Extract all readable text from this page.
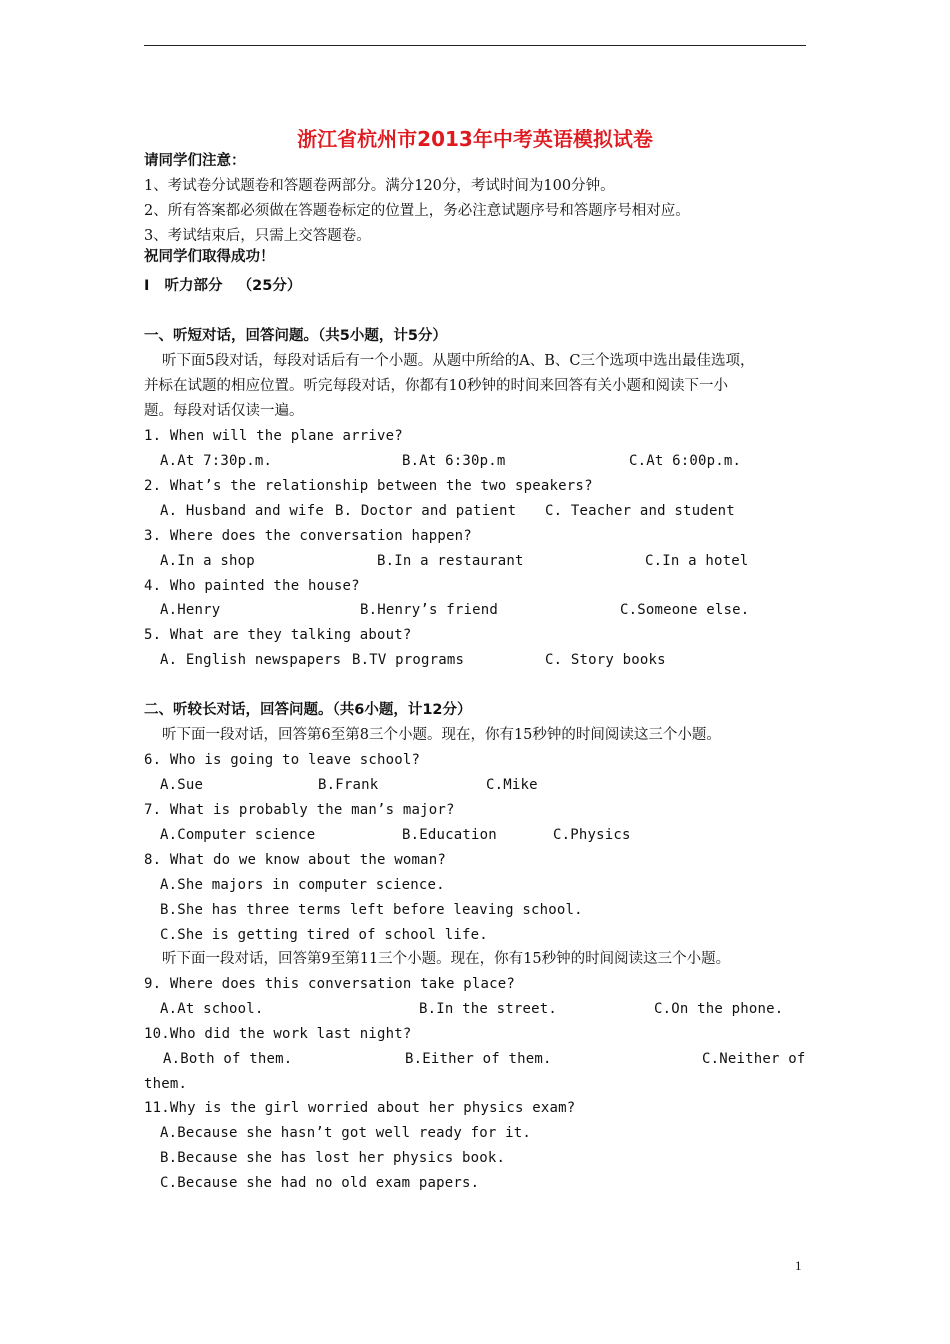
浙江省杭州市2013年中考英语模拟试卷
请同学们注意：
1、考试卷分试题卷和答题卷两部分。满分120分，考试时间为100分钟。
2、所有答案都必须做在答题卷标定的位置上，务必注意试题序号和答题序号相对应。
3、考试结束后，只需上交答题卷。
祝同学们取得成功！
Ⅰ   听力部分   （25分）
一、听短对话，回答问题。（共5小题，计5分）
听下面5段对话，每段对话后有一个小题。从题中所给的A、B、C三个选项中选出最佳选项，
并标在试题的相应位置。听完每段对话，你都有10秒钟的时间来回答有关小题和阅读下一小
题。每段对话仅读一遍。
1. When will the plane arrive?
A.At 7:30p.m.	B.At 6:30p.m	C.At 6:00p.m.
2. What’s the relationship between the two speakers?
A. Husband and wife B. Doctor and patient C. Teacher and student
3. Where does the conversation happen?
A.In a shop	B.In a restaurant	C.In a hotel
4. Who painted the house?
A.Henry	B.Henry’s friend	C.Someone else.
5. What are they talking about?
A. English newspapers B.TV programs	C. Story books
二、听较长对话，回答问题。（共6小题，计12分）
听下面一段对话，回答第6至第8三个小题。现在，你有15秒钟的时间阅读这三个小题。
6. Who is going to leave school?
A.Sue	B.Frank	C.Mike
7. What is probably the man’s major?
A.Computer science	B.Education	C.Physics
8. What do we know about the woman?
A.She majors in computer science.
B.She has three terms left before leaving school.
C.She is getting tired of school life.
听下面一段对话，回答第9至第11三个小题。现在，你有15秒钟的时间阅读这三个小题。
9. Where does this conversation take place?
A.At school.	B.In the street.	C.On the phone.
10.Who did the work last night?
A.Both of them.	B.Either of them.	C.Neither of
them.
11.Why is the girl worried about her physics exam?
A.Because she hasn’t got well ready for it.
B.Because she has lost her physics book.
C.Because she had no old exam papers.
1
